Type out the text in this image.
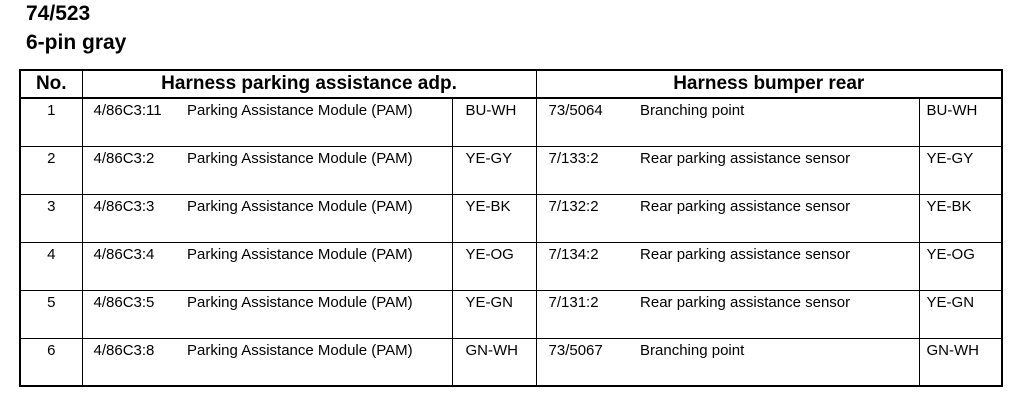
74/523
6-pin gray
No.	Harness parking assistance adp.			Harness bumper rear		
1	4/86C3:11	Parking Assistance Module (PAM)	BU-WH	73/5064	Branching point	BU-WH
2	4/86C3:2	Parking Assistance Module (PAM)	YE-GY	7/133:2	Rear parking assistance sensor	YE-GY
3	4/86C3:3	Parking Assistance Module (PAM)	YE-BK	7/132:2	Rear parking assistance sensor	YE-BK
4	4/86C3:4	Parking Assistance Module (PAM)	YE-OG	7/134:2	Rear parking assistance sensor	YE-OG
5	4/86C3:5	Parking Assistance Module (PAM)	YE-GN	7/131:2	Rear parking assistance sensor	YE-GN
6	4/86C3:8	Parking Assistance Module (PAM)	GN-WH	73/5067	Branching point	GN-WH
